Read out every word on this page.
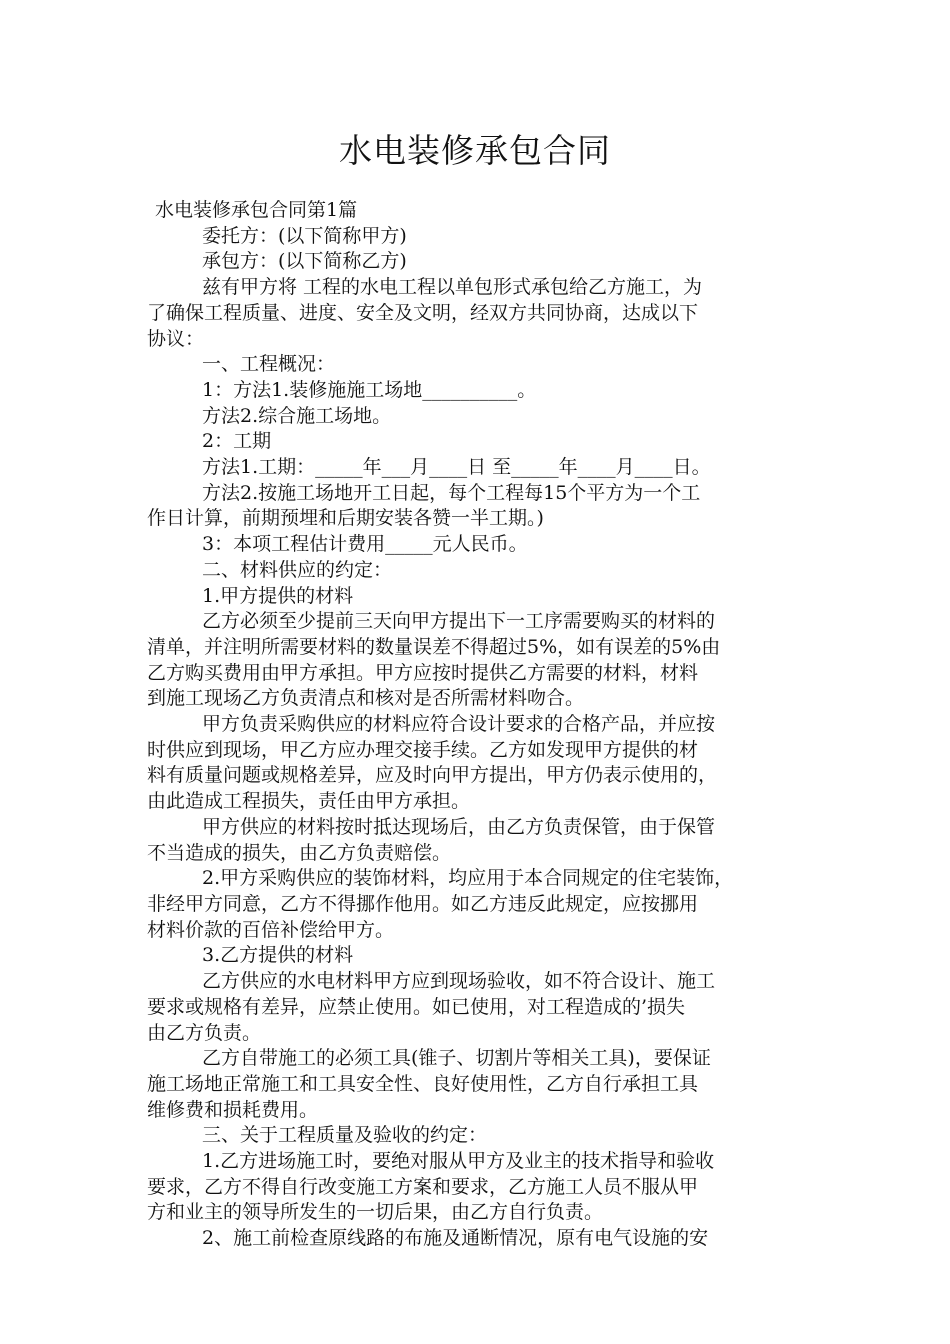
水电装修承包合同

水电装修承包合同第1篇

委托方：(以下简称甲方)

承包方：(以下简称乙方)

兹有甲方将 工程的水电工程以单包形式承包给乙方施工，为

了确保工程质量、进度、安全及文明，经双方共同协商，达成以下

协议：

一、工程概况：

1：方法1.装修施施工场地__________。

方法2.综合施工场地。

2：工期

方法1.工期：_____年___月____日 至_____年____月____日。

方法2.按施工场地开工日起，每个工程每15个平方为一个工

作日计算，前期预埋和后期安装各赞一半工期。)

3：本项工程估计费用_____元人民币。

二、材料供应的约定：

1.甲方提供的材料

乙方必须至少提前三天向甲方提出下一工序需要购买的材料的

清单，并注明所需要材料的数量误差不得超过5%，如有误差的5%由

乙方购买费用由甲方承担。甲方应按时提供乙方需要的材料，材料

到施工现场乙方负责清点和核对是否所需材料吻合。

甲方负责采购供应的材料应符合设计要求的合格产品，并应按

时供应到现场，甲乙方应办理交接手续。乙方如发现甲方提供的材

料有质量问题或规格差异，应及时向甲方提出，甲方仍表示使用的，

由此造成工程损失，责任由甲方承担。

甲方供应的材料按时抵达现场后，由乙方负责保管，由于保管

不当造成的损失，由乙方负责赔偿。

2.甲方采购供应的装饰材料，均应用于本合同规定的住宅装饰，

非经甲方同意，乙方不得挪作他用。如乙方违反此规定，应按挪用

材料价款的百倍补偿给甲方。

3.乙方提供的材料

乙方供应的水电材料甲方应到现场验收，如不符合设计、施工

要求或规格有差异，应禁止使用。如已使用，对工程造成的’损失

由乙方负责。

乙方自带施工的必须工具(锥子、切割片等相关工具)，要保证

施工场地正常施工和工具安全性、良好使用性，乙方自行承担工具

维修费和损耗费用。

三、关于工程质量及验收的约定：

1.乙方进场施工时，要绝对服从甲方及业主的技术指导和验收

要求，乙方不得自行改变施工方案和要求，乙方施工人员不服从甲

方和业主的领导所发生的一切后果，由乙方自行负责。

2、施工前检查原线路的布施及通断情况，原有电气设施的安
